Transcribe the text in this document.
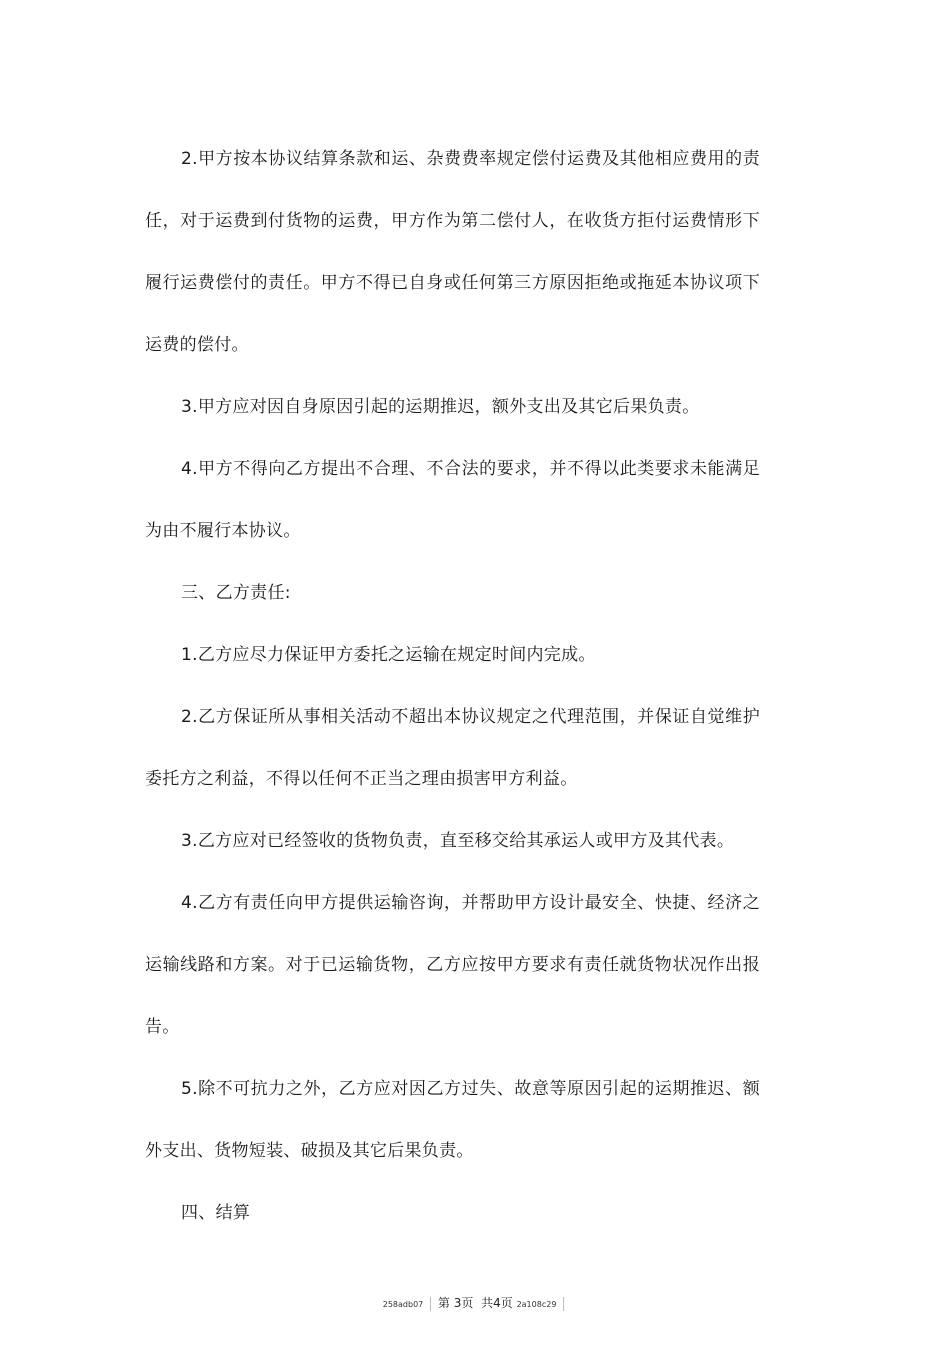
2.甲方按本协议结算条款和运、杂费费率规定偿付运费及其他相应费用的责任，对于运费到付货物的运费，甲方作为第二偿付人，在收货方拒付运费情形下履行运费偿付的责任。甲方不得已自身或任何第三方原因拒绝或拖延本协议项下运费的偿付。

3.甲方应对因自身原因引起的运期推迟，额外支出及其它后果负责。

4.甲方不得向乙方提出不合理、不合法的要求，并不得以此类要求未能满足为由不履行本协议。

三、乙方责任:

1.乙方应尽力保证甲方委托之运输在规定时间内完成。

2.乙方保证所从事相关活动不超出本协议规定之代理范围，并保证自觉维护委托方之利益，不得以任何不正当之理由损害甲方利益。

3.乙方应对已经签收的货物负责，直至移交给其承运人或甲方及其代表。

4.乙方有责任向甲方提供运输咨询，并帮助甲方设计最安全、快捷、经济之运输线路和方案。对于已运输货物，乙方应按甲方要求有责任就货物状况作出报告。

5.除不可抗力之外，乙方应对因乙方过失、故意等原因引起的运期推迟、额外支出、货物短装、破损及其它后果负责。

四、结算

258adb07 第 3页 共4页 2a108c29
